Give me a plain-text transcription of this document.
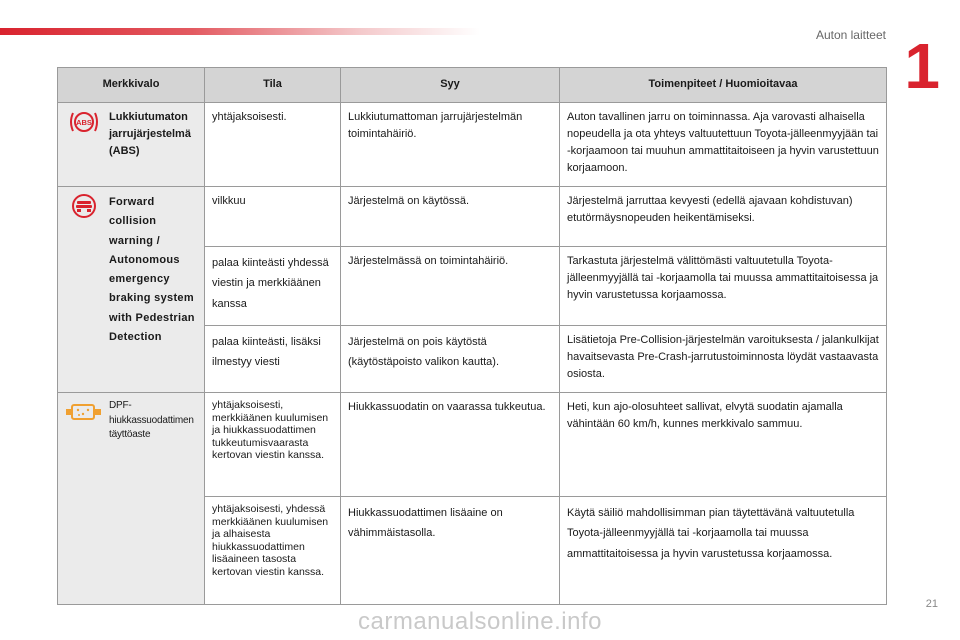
Auton laitteet 1
Merkkivalo	Tila	Syy	Toimenpiteet / Huomioitavaa

ABS Lukkiutumaton jarrujärjestelmä (ABS)	yhtäjaksoisesti.	Lukkiutumattoman jarrujärjestelmän toimintahäiriö.	Auton tavallinen jarru on toiminnassa. Aja varovasti alhaisella nopeudella ja ota yhteys valtuutettuun Toyota-jälleenmyyjään tai -korjaamoon tai muuhun ammattitaitoiseen ja hyvin varustettuun korjaamoon.

Forward collision warning / Autonomous emergency braking system with Pedestrian Detection	vilkkuu	Järjestelmä on käytössä.	Järjestelmä jarruttaa kevyesti (edellä ajavaan kohdistuvan) etutörmäysnopeuden heikentämiseksi.
	palaa kiinteästi yhdessä viestin ja merkkiäänen kanssa	Järjestelmässä on toimintahäiriö.	Tarkastuta järjestelmä välittömästi valtuutetulla Toyota-jälleenmyyjällä tai -korjaamolla tai muussa ammattitaitoisessa ja hyvin varustetussa korjaamossa.
	palaa kiinteästi, lisäksi ilmestyy viesti	Järjestelmä on pois käytöstä (käytöstäpoisto valikon kautta).	Lisätietoja Pre-Collision-järjestelmän varoituksesta / jalankulkijat havaitsevasta Pre-Crash-jarrutustoiminnosta löydät vastaavasta osiosta.

DPF-hiukkassuodattimen täyttöaste	yhtäjaksoisesti, merkkiäänen kuulumisen ja hiukkassuodattimen tukkeutumisvaarasta kertovan viestin kanssa.	Hiukkassuodatin on vaarassa tukkeutua.	Heti, kun ajo-olosuhteet sallivat, elvytä suodatin ajamalla vähintään 60 km/h, kunnes merkkivalo sammuu.
	yhtäjaksoisesti, yhdessä merkkiäänen kuulumisen ja alhaisesta hiukkassuodattimen lisäaineen tasosta kertovan viestin kanssa.	Hiukkassuodattimen lisäaine on vähimmäistasolla.	Käytä säiliö mahdollisimman pian täytettävänä valtuutetulla Toyota-jälleenmyyjällä tai -korjaamolla tai muussa ammattitaitoisessa ja hyvin varustetussa korjaamossa.
21
carmanualsonline.info
